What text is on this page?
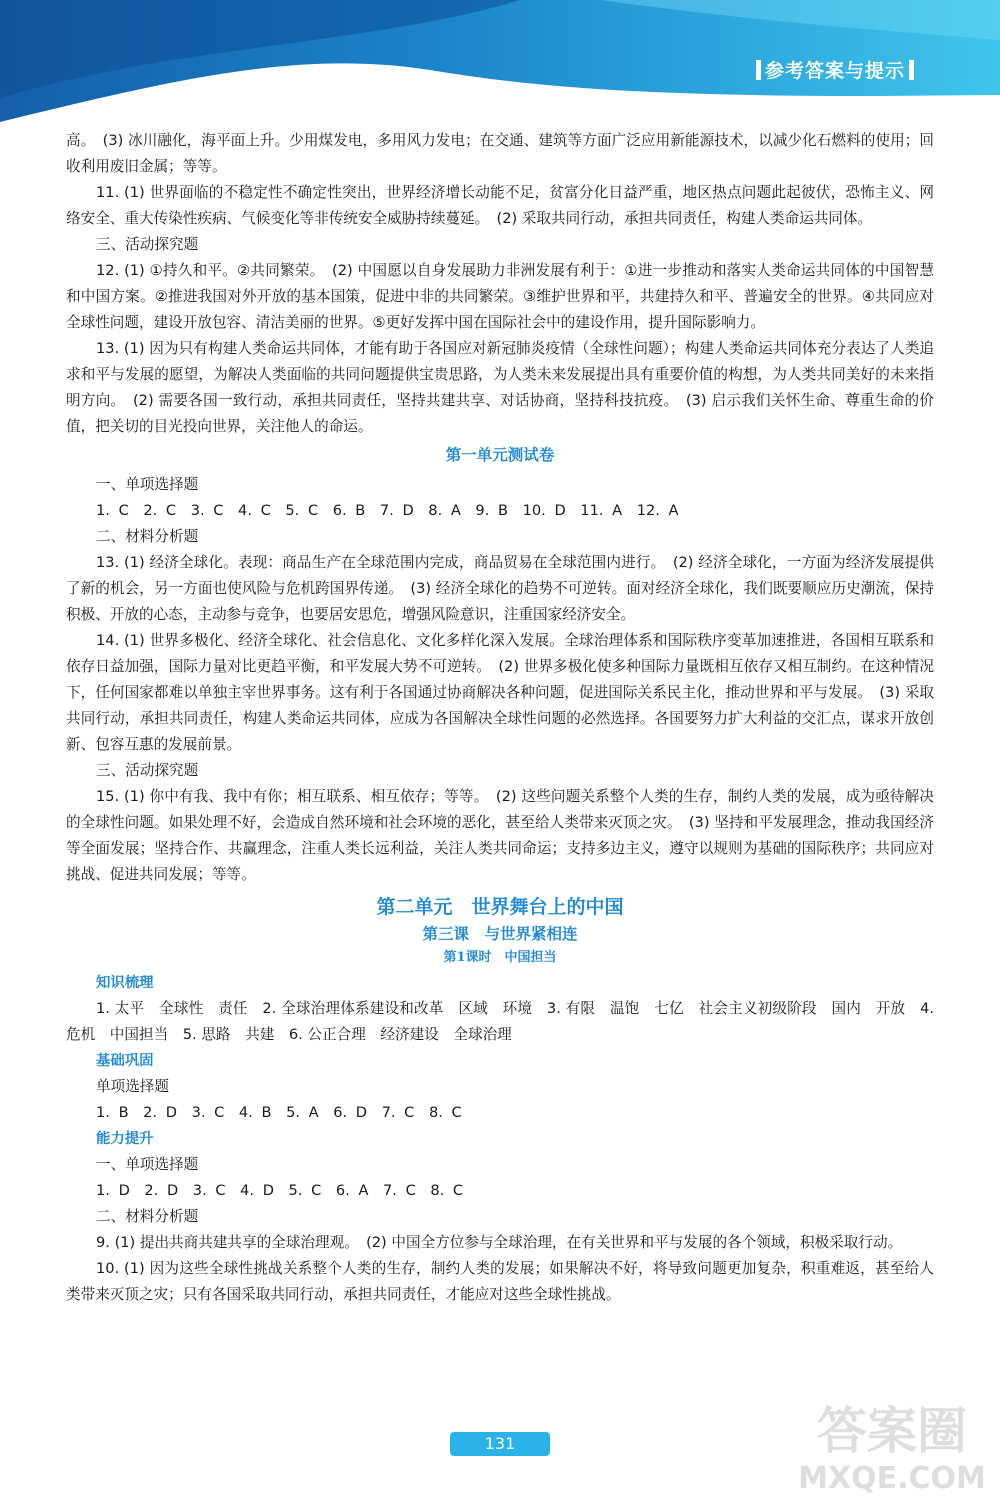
参考答案与提示

高。　(3) 冰川融化，海平面上升。少用煤发电，多用风力发电；在交通、建筑等方面广泛应用新能源技术，以减少化石燃料的使用；回收利用废旧金属；等等。

11. (1) 世界面临的不稳定性不确定性突出，世界经济增长动能不足，贫富分化日益严重，地区热点问题此起彼伏，恐怖主义、网络安全、重大传染性疾病、气候变化等非传统安全威胁持续蔓延。　(2) 采取共同行动，承担共同责任，构建人类命运共同体。

三、活动探究题

12. (1) ①持久和平。②共同繁荣。　(2) 中国愿以自身发展助力非洲发展有利于：①进一步推动和落实人类命运共同体的中国智慧和中国方案。②推进我国对外开放的基本国策，促进中非的共同繁荣。③维护世界和平，共建持久和平、普遍安全的世界。④共同应对全球性问题，建设开放包容、清洁美丽的世界。⑤更好发挥中国在国际社会中的建设作用，提升国际影响力。

13. (1) 因为只有构建人类命运共同体，才能有助于各国应对新冠肺炎疫情（全球性问题）；构建人类命运共同体充分表达了人类追求和平与发展的愿望，为解决人类面临的共同问题提供宝贵思路，为人类未来发展提出具有重要价值的构想，为人类共同美好的未来指明方向。　(2) 需要各国一致行动，承担共同责任，坚持共建共享、对话协商，坚持科技抗疫。　(3) 启示我们关怀生命、尊重生命的价值，把关切的目光投向世界，关注他人的命运。

第一单元测试卷

一、单项选择题

1. C　2. C　3. C　4. C　5. C　6. B　7. D　8. A　9. B　10. D　11. A　12. A

二、材料分析题

13. (1) 经济全球化。表现：商品生产在全球范围内完成，商品贸易在全球范围内进行。　(2) 经济全球化，一方面为经济发展提供了新的机会，另一方面也使风险与危机跨国界传递。　(3) 经济全球化的趋势不可逆转。面对经济全球化，我们既要顺应历史潮流，保持积极、开放的心态，主动参与竞争，也要居安思危，增强风险意识，注重国家经济安全。

14. (1) 世界多极化、经济全球化、社会信息化、文化多样化深入发展。全球治理体系和国际秩序变革加速推进，各国相互联系和依存日益加强，国际力量对比更趋平衡，和平发展大势不可逆转。　(2) 世界多极化使多种国际力量既相互依存又相互制约。在这种情况下，任何国家都难以单独主宰世界事务。这有利于各国通过协商解决各种问题，促进国际关系民主化，推动世界和平与发展。　(3) 采取共同行动，承担共同责任，构建人类命运共同体，应成为各国解决全球性问题的必然选择。各国要努力扩大利益的交汇点，谋求开放创新、包容互惠的发展前景。

三、活动探究题

15. (1) 你中有我、我中有你；相互联系、相互依存；等等。　(2) 这些问题关系整个人类的生存，制约人类的发展，成为亟待解决的全球性问题。如果处理不好，会造成自然环境和社会环境的恶化，甚至给人类带来灭顶之灾。　(3) 坚持和平发展理念，推动我国经济等全面发展；坚持合作、共赢理念，注重人类长远利益，关注人类共同命运；支持多边主义，遵守以规则为基础的国际秩序；共同应对挑战、促进共同发展；等等。

第二单元　世界舞台上的中国
第三课　与世界紧相连
第1课时　中国担当

知识梳理

1. 太平　全球性　责任　2. 全球治理体系建设和改革　区域　环境　3. 有限　温饱　七亿　社会主义初级阶段　国内　开放　4. 危机　中国担当　5. 思路　共建　6. 公正合理　经济建设　全球治理

基础巩固

单项选择题

1. B　2. D　3. C　4. B　5. A　6. D　7. C　8. C

能力提升

一、单项选择题

1. D　2. D　3. C　4. D　5. C　6. A　7. C　8. C

二、材料分析题

9. (1) 提出共商共建共享的全球治理观。　(2) 中国全方位参与全球治理，在有关世界和平与发展的各个领域，积极采取行动。

10. (1) 因为这些全球性挑战关系整个人类的生存，制约人类的发展；如果解决不好，将导致问题更加复杂，积重难返，甚至给人类带来灭顶之灾；只有各国采取共同行动，承担共同责任，才能应对这些全球性挑战。

131	答案圈
MXQE.COM
